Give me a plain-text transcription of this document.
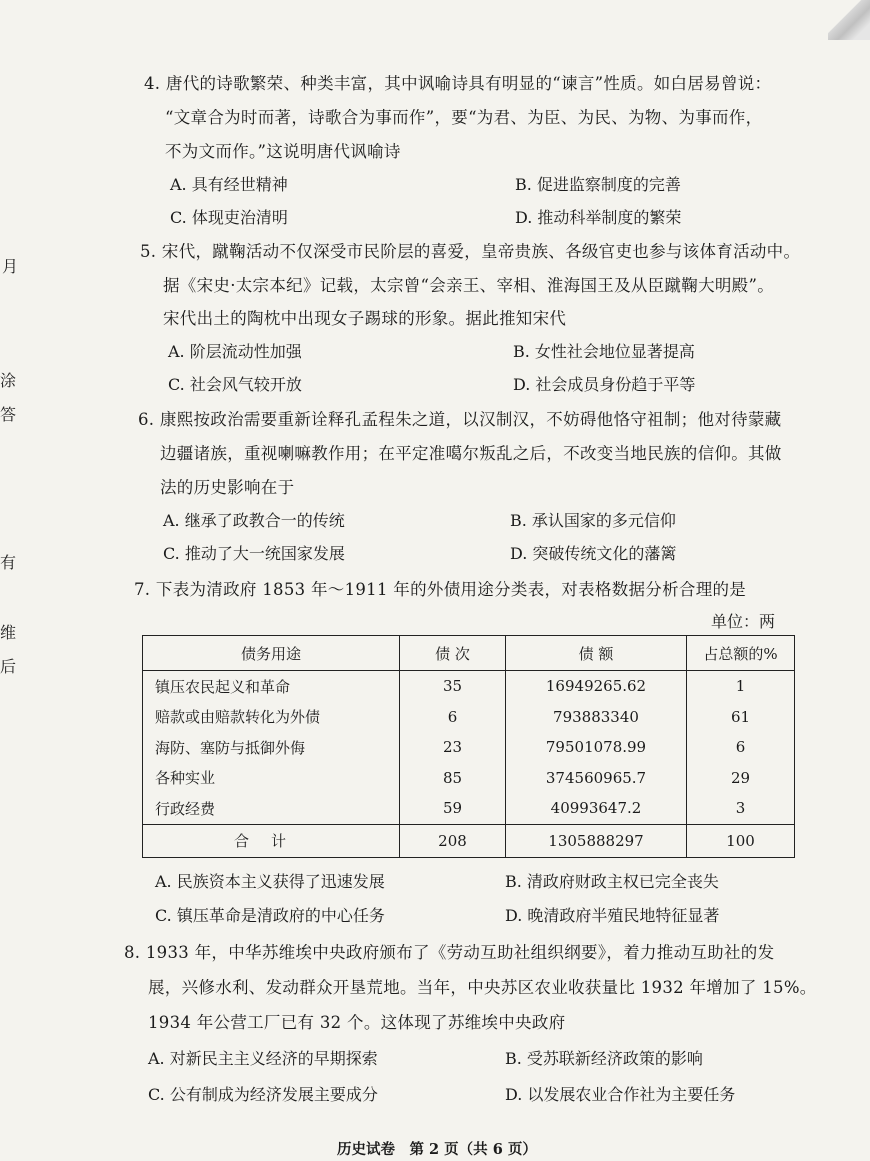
月
涂
答
有
维
后
4. 唐代的诗歌繁荣、种类丰富，其中讽喻诗具有明显的“谏言”性质。如白居易曾说：
“文章合为时而著，诗歌合为事而作”，要“为君、为臣、为民、为物、为事而作，
不为文而作。”这说明唐代讽喻诗
A. 具有经世精神	B. 促进监察制度的完善
C. 体现吏治清明	D. 推动科举制度的繁荣
5. 宋代，蹴鞠活动不仅深受市民阶层的喜爱，皇帝贵族、各级官吏也参与该体育活动中。
据《宋史·太宗本纪》记载，太宗曾“会亲王、宰相、淮海国王及从臣蹴鞠大明殿”。
宋代出土的陶枕中出现女子踢球的形象。据此推知宋代
A. 阶层流动性加强	B. 女性社会地位显著提高
C. 社会风气较开放	D. 社会成员身份趋于平等
6. 康熙按政治需要重新诠释孔孟程朱之道，以汉制汉，不妨碍他恪守祖制；他对待蒙藏
边疆诸族，重视喇嘛教作用；在平定准噶尔叛乱之后，不改变当地民族的信仰。其做
法的历史影响在于
A. 继承了政教合一的传统	B. 承认国家的多元信仰
C. 推动了大一统国家发展	D. 突破传统文化的藩篱
7. 下表为清政府 1853 年～1911 年的外债用途分类表，对表格数据分析合理的是
单位：两
债务用途	债 次	债 额	占总额的%
镇压农民起义和革命	35	16949265.62	1
赔款或由赔款转化为外债	6	793883340	61
海防、塞防与抵御外侮	23	79501078.99	6
各种实业	85	374560965.7	29
行政经费	59	40993647.2	3
合计	208	1305888297	100
A. 民族资本主义获得了迅速发展	B. 清政府财政主权已完全丧失
C. 镇压革命是清政府的中心任务	D. 晚清政府半殖民地特征显著
8. 1933 年，中华苏维埃中央政府颁布了《劳动互助社组织纲要》，着力推动互助社的发
展，兴修水利、发动群众开垦荒地。当年，中央苏区农业收获量比 1932 年增加了 15%。
1934 年公营工厂已有 32 个。这体现了苏维埃中央政府
A. 对新民主主义经济的早期探索	B. 受苏联新经济政策的影响
C. 公有制成为经济发展主要成分	D. 以发展农业合作社为主要任务
历史试卷　第 2 页（共 6 页）
